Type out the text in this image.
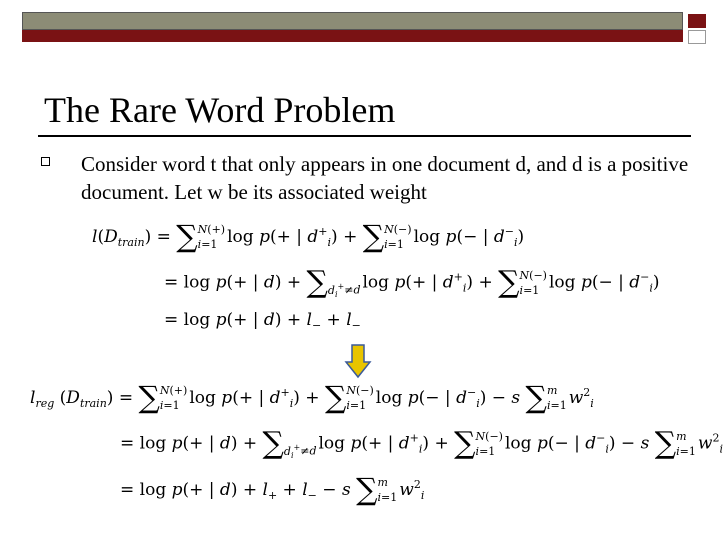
The Rare Word Problem
Consider word t that only appears in one document d, and d is a positive document. Let w be its associated weight
$l(D_{train})$ = ∑ N(+)
i=1 log p(+ | $d^+_i$) + ∑ N(−)
i=1 log p(− | $d^-_i$)
= log p(+ | d) + ∑
$d_i^+\ne d$ log p(+ | $d^+_i$) + ∑ N(−)
i=1 log p(− | $d^-_i$)
= log p(+ | $d) + l_- + l_-$
$l_{reg}$ $(D_{train})$ = ∑ N(+)
i=1 log p(+ | $d^+_i$) + ∑ N(−)
i=1 log p(− | $d^-_i) - s$ ∑ m
i=1 $w^2_i$
= log p(+ | d) + ∑
$d_i^+\ne d$ log p(+ | $d^+_i$) + ∑ N(−)
i=1 log p(− | $d^-_i) - s$ ∑ m
i=1 $w^2_i$
= log p(+ | $d) + l_+ + l_- - s$ ∑ m
i=1 $w^2_i$
